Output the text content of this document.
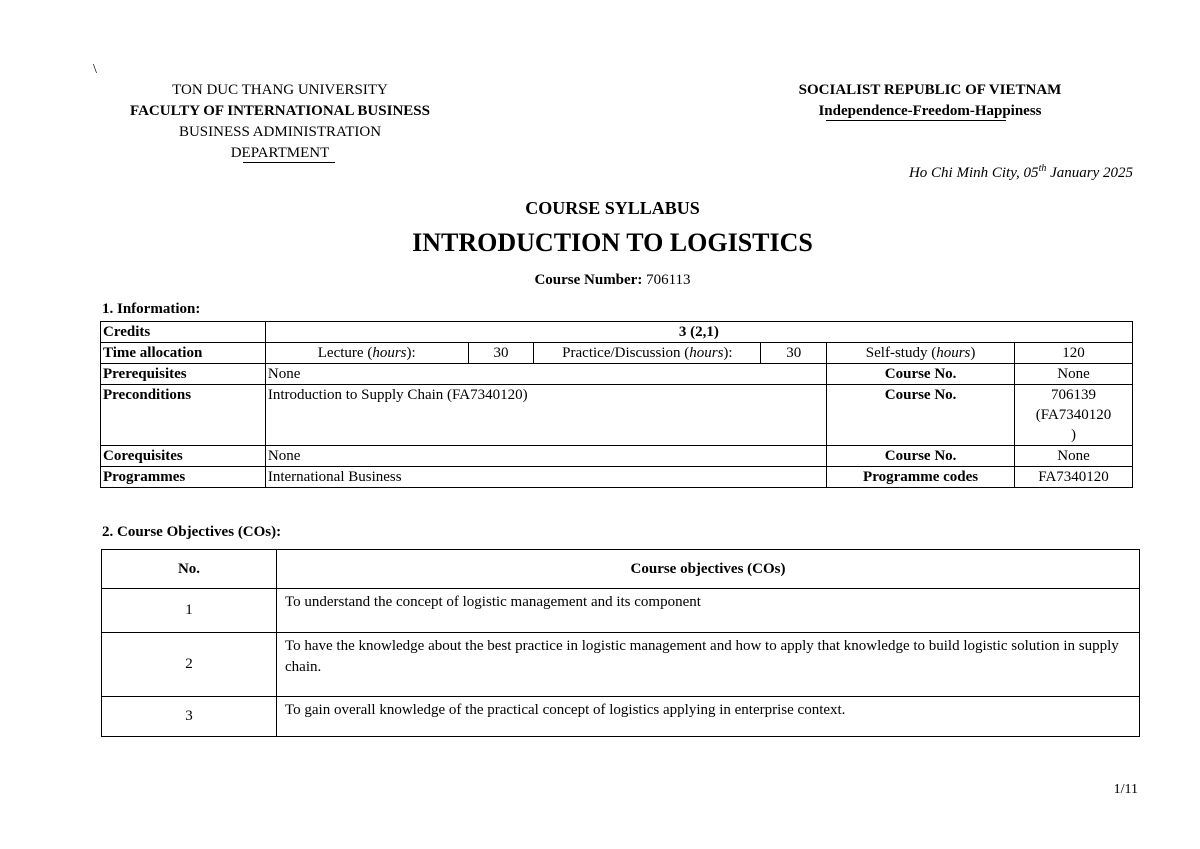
\
TON DUC THANG UNIVERSITY
FACULTY OF INTERNATIONAL BUSINESS
BUSINESS ADMINISTRATION
DEPARTMENT
SOCIALIST REPUBLIC OF VIETNAM
Independence-Freedom-Happiness
Ho Chi Minh City, 05th January 2025
COURSE SYLLABUS
INTRODUCTION TO LOGISTICS
Course Number: 706113
1. Information:
Credits	3 (2,1)					
Time allocation	Lecture (hours):	30	Practice/Discussion (hours):	30	Self-study (hours)	120
Prerequisites	None				Course No.	None
Preconditions	Introduction to Supply Chain (FA7340120)				Course No.	706139
(FA7340120
)

Corequisites	None				Course No.	None
Programmes	International Business				Programme codes	FA7340120
2. Course Objectives (COs):
No.	Course objectives (COs)
1	To understand the concept of logistic management and its component
2	To have the knowledge about the best practice in logistic management and how to apply that knowledge to build logistic solution in supply chain.
3	To gain overall knowledge of the practical concept of logistics applying in enterprise context.
1/11
